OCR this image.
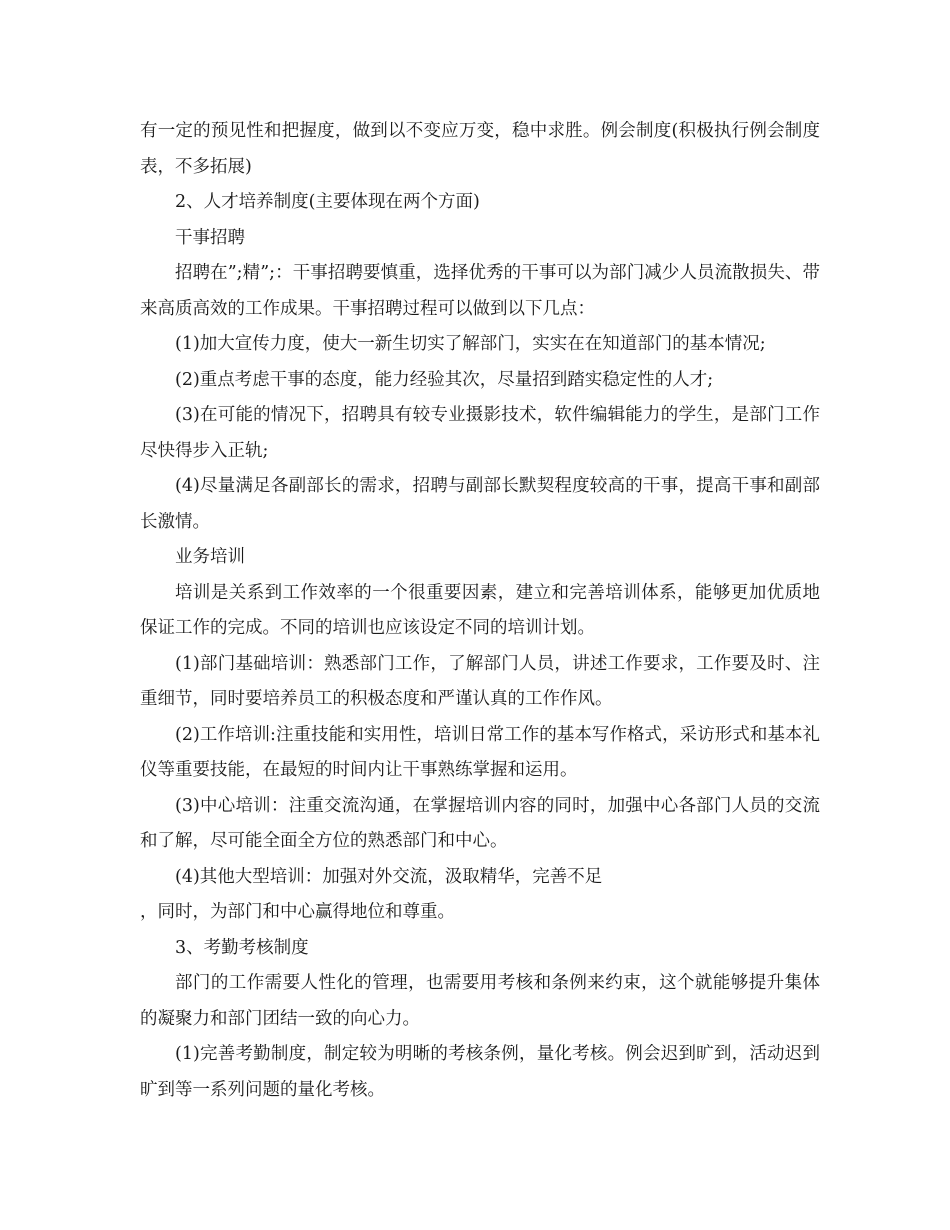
有一定的预见性和把握度，做到以不变应万变，稳中求胜。例会制度(积极执行例会制度表，不多拓展)

2、人才培养制度(主要体现在两个方面)

干事招聘

招聘在”;精”;：干事招聘要慎重，选择优秀的干事可以为部门减少人员流散损失、带来高质高效的工作成果。干事招聘过程可以做到以下几点：

(1)加大宣传力度，使大一新生切实了解部门，实实在在知道部门的基本情况;

(2)重点考虑干事的态度，能力经验其次，尽量招到踏实稳定性的人才;

(3)在可能的情况下，招聘具有较专业摄影技术，软件编辑能力的学生，是部门工作尽快得步入正轨;

(4)尽量满足各副部长的需求，招聘与副部长默契程度较高的干事，提高干事和副部长激情。

业务培训

培训是关系到工作效率的一个很重要因素，建立和完善培训体系，能够更加优质地保证工作的完成。不同的培训也应该设定不同的培训计划。

(1)部门基础培训：熟悉部门工作，了解部门人员，讲述工作要求，工作要及时、注重细节，同时要培养员工的积极态度和严谨认真的工作作风。

(2)工作培训:注重技能和实用性，培训日常工作的基本写作格式，采访形式和基本礼仪等重要技能，在最短的时间内让干事熟练掌握和运用。

(3)中心培训：注重交流沟通，在掌握培训内容的同时，加强中心各部门人员的交流和了解，尽可能全面全方位的熟悉部门和中心。

(4)其他大型培训：加强对外交流，汲取精华，完善不足

，同时，为部门和中心赢得地位和尊重。

3、考勤考核制度

部门的工作需要人性化的管理，也需要用考核和条例来约束，这个就能够提升集体的凝聚力和部门团结一致的向心力。

(1)完善考勤制度，制定较为明晰的考核条例，量化考核。例会迟到旷到，活动迟到旷到等一系列问题的量化考核。
